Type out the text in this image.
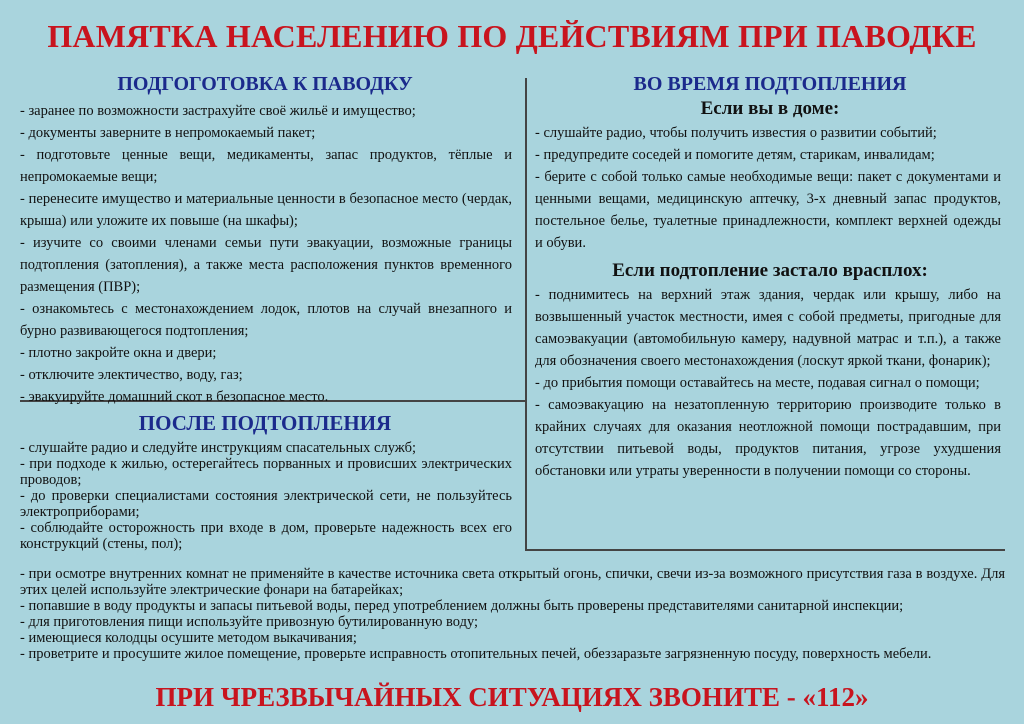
ПАМЯТКА НАСЕЛЕНИЮ ПО ДЕЙСТВИЯМ ПРИ ПАВОДКЕ
ПОДГОГОТОВКА К ПАВОДКУ
- заранее по возможности застрахуйте своё жильё и имущество;
- документы заверните в непромокаемый пакет;
- подготовьте ценные вещи, медикаменты, запас продуктов, тёплые и непромокаемые вещи;
- перенесите имущество и материальные ценности в безопасное место (чердак, крыша) или уложите их повыше (на шкафы);
- изучите со своими членами семьи пути эвакуации, возможные границы подтопления (затопления), а также места расположения пунктов временного размещения (ПВР);
- ознакомьтесь с местонахождением лодок, плотов на случай внезапного и бурно развивающегося подтопления;
- плотно закройте окна и двери;
- отключите электичество, воду, газ;
- эвакуируйте домашний скот в безопасное место.
ВО ВРЕМЯ ПОДТОПЛЕНИЯ
Если вы в доме:
- слушайте радио, чтобы получить известия о развитии событий;
- предупредите соседей и помогите детям, старикам, инвалидам;
- берите с собой только самые необходимые вещи: пакет с документами и ценными вещами, медицинскую аптечку, 3-х дневный запас продуктов, постельное белье, туалетные принадлежности, комплект верхней одежды и обуви.
Если подтопление застало врасплох:
- поднимитесь на верхний этаж здания, чердак или крышу, либо на возвышенный участок местности, имея с собой предметы, пригодные для самоэвакуации (автомобильную камеру, надувной матрас и т.п.), а также для обозначения своего местонахождения (лоскут яркой ткани, фонарик);
- до прибытия помощи оставайтесь на месте, подавая сигнал о помощи;
- самоэвакуацию на незатопленную территорию производите только в крайних случаях для оказания неотложной помощи пострадавшим, при отсутствии питьевой воды, продуктов питания, угрозе ухудшения обстановки или утраты уверенности в получении помощи со стороны.
ПОСЛЕ ПОДТОПЛЕНИЯ
- слушайте радио и следуйте инструкциям спасательных служб;
- при подходе к жилью, остерегайтесь порванных и провисших электрических проводов;
- до проверки специалистами состояния электрической сети, не пользуйтесь электроприборами;
- соблюдайте осторожность при входе в дом, проверьте надежность всех его конструкций (стены, пол);
- при осмотре внутренних комнат не применяйте в качестве источника света открытый огонь, спички, свечи из-за возможного присутствия газа в воздухе. Для этих целей используйте электрические фонари на батарейках;
- попавшие в воду продукты и запасы питьевой воды, перед употреблением должны быть проверены представителями санитарной инспекции;
- для приготовления пищи используйте привозную бутилированную воду;
- имеющиеся колодцы осушите методом выкачивания;
- проветрите и просушите жилое помещение, проверьте исправность отопительных печей, обеззаразьте загрязненную посуду, поверхность мебели.
ПРИ ЧРЕЗВЫЧАЙНЫХ СИТУАЦИЯХ ЗВОНИТЕ - «112»
